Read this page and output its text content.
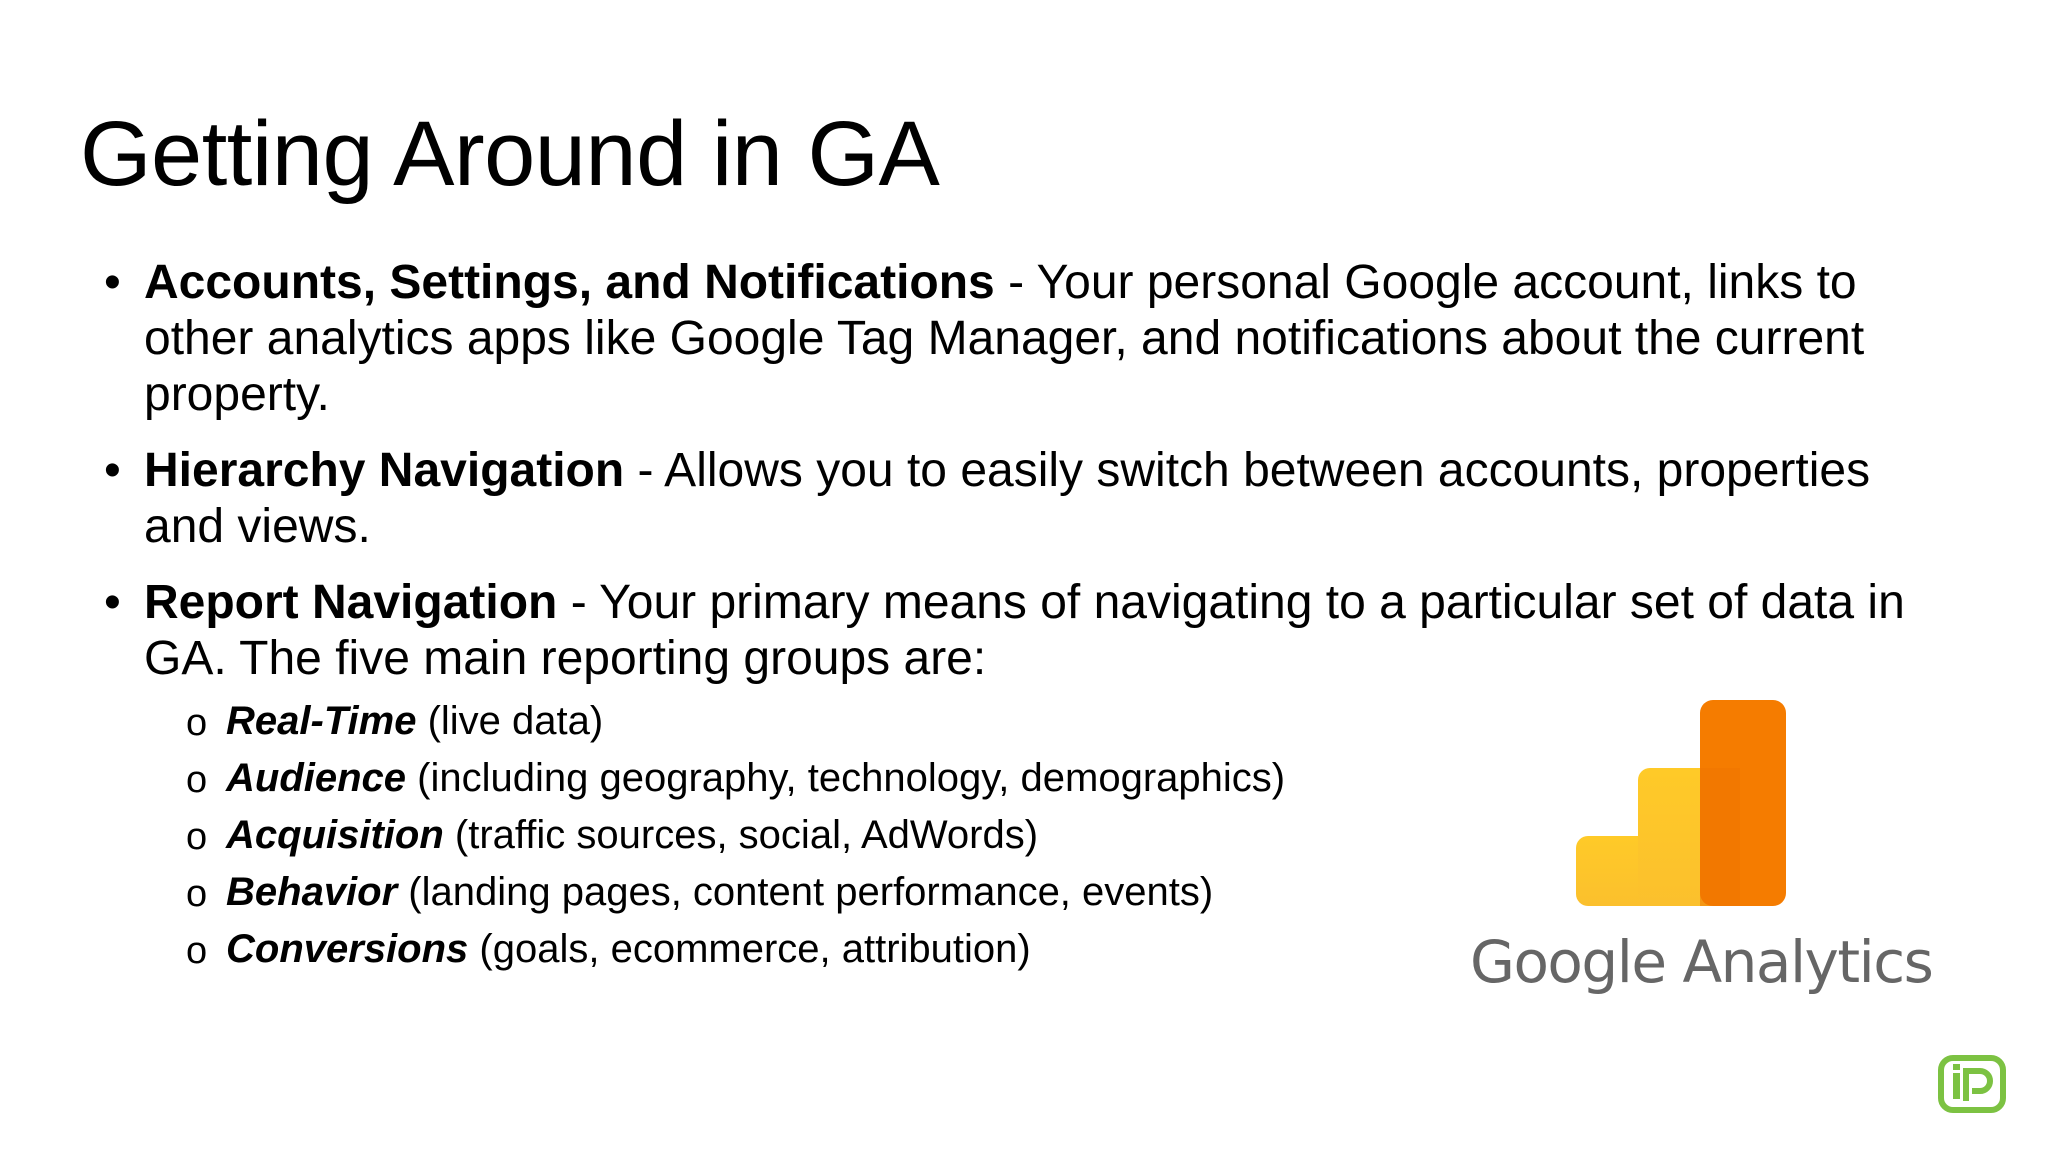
Getting Around in GA
• Accounts, Settings, and Notifications - Your personal Google account, links to other analytics apps like Google Tag Manager, and notifications about the current property.
• Hierarchy Navigation - Allows you to easily switch between accounts, properties and views.
• Report Navigation - Your primary means of navigating to a particular set of data in GA. The five main reporting groups are:
o Real-Time (live data)
o Audience (including geography, technology, demographics)
o Acquisition (traffic sources, social, AdWords)
o Behavior (landing pages, content performance, events)
o Conversions (goals, ecommerce, attribution)	Google Analytics
